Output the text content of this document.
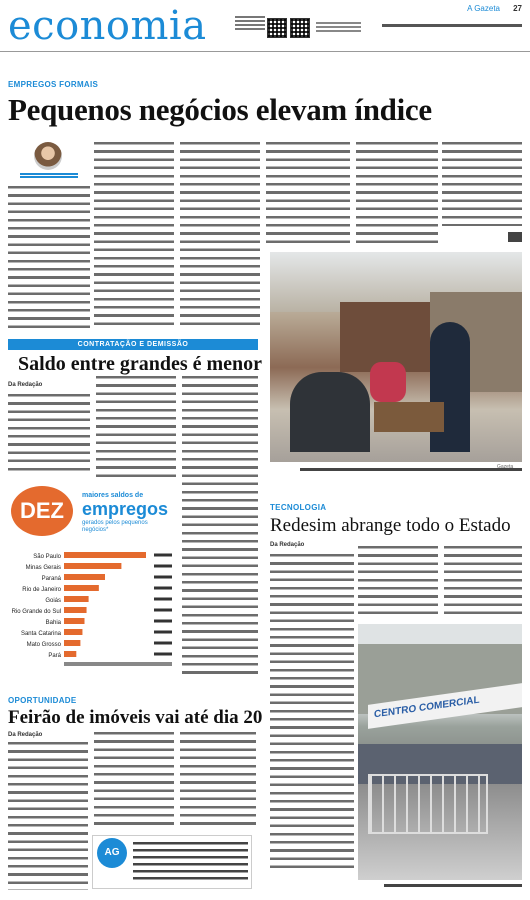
economia	A Gazeta 27
EMPREGOS FORMAIS
Pequenos negócios elevam índice
Gazeta
CONTRATAÇÃO E DEMISSÃO
Saldo entre grandes é menor
Da Redação
DEZ
maiores saldos de
empregos
gerados pelos pequenos negócios*
São Paulo
Minas Gerais
Paraná
Rio de Janeiro
Goiás
Rio Grande do Sul
Bahia
Santa Catarina
Mato Grosso
Pará
TECNOLOGIA
Redesim abrange todo o Estado
Da Redação
CENTRO COMERCIAL
OPORTUNIDADE
Feirão de imóveis vai até dia 20
Da Redação
AG
